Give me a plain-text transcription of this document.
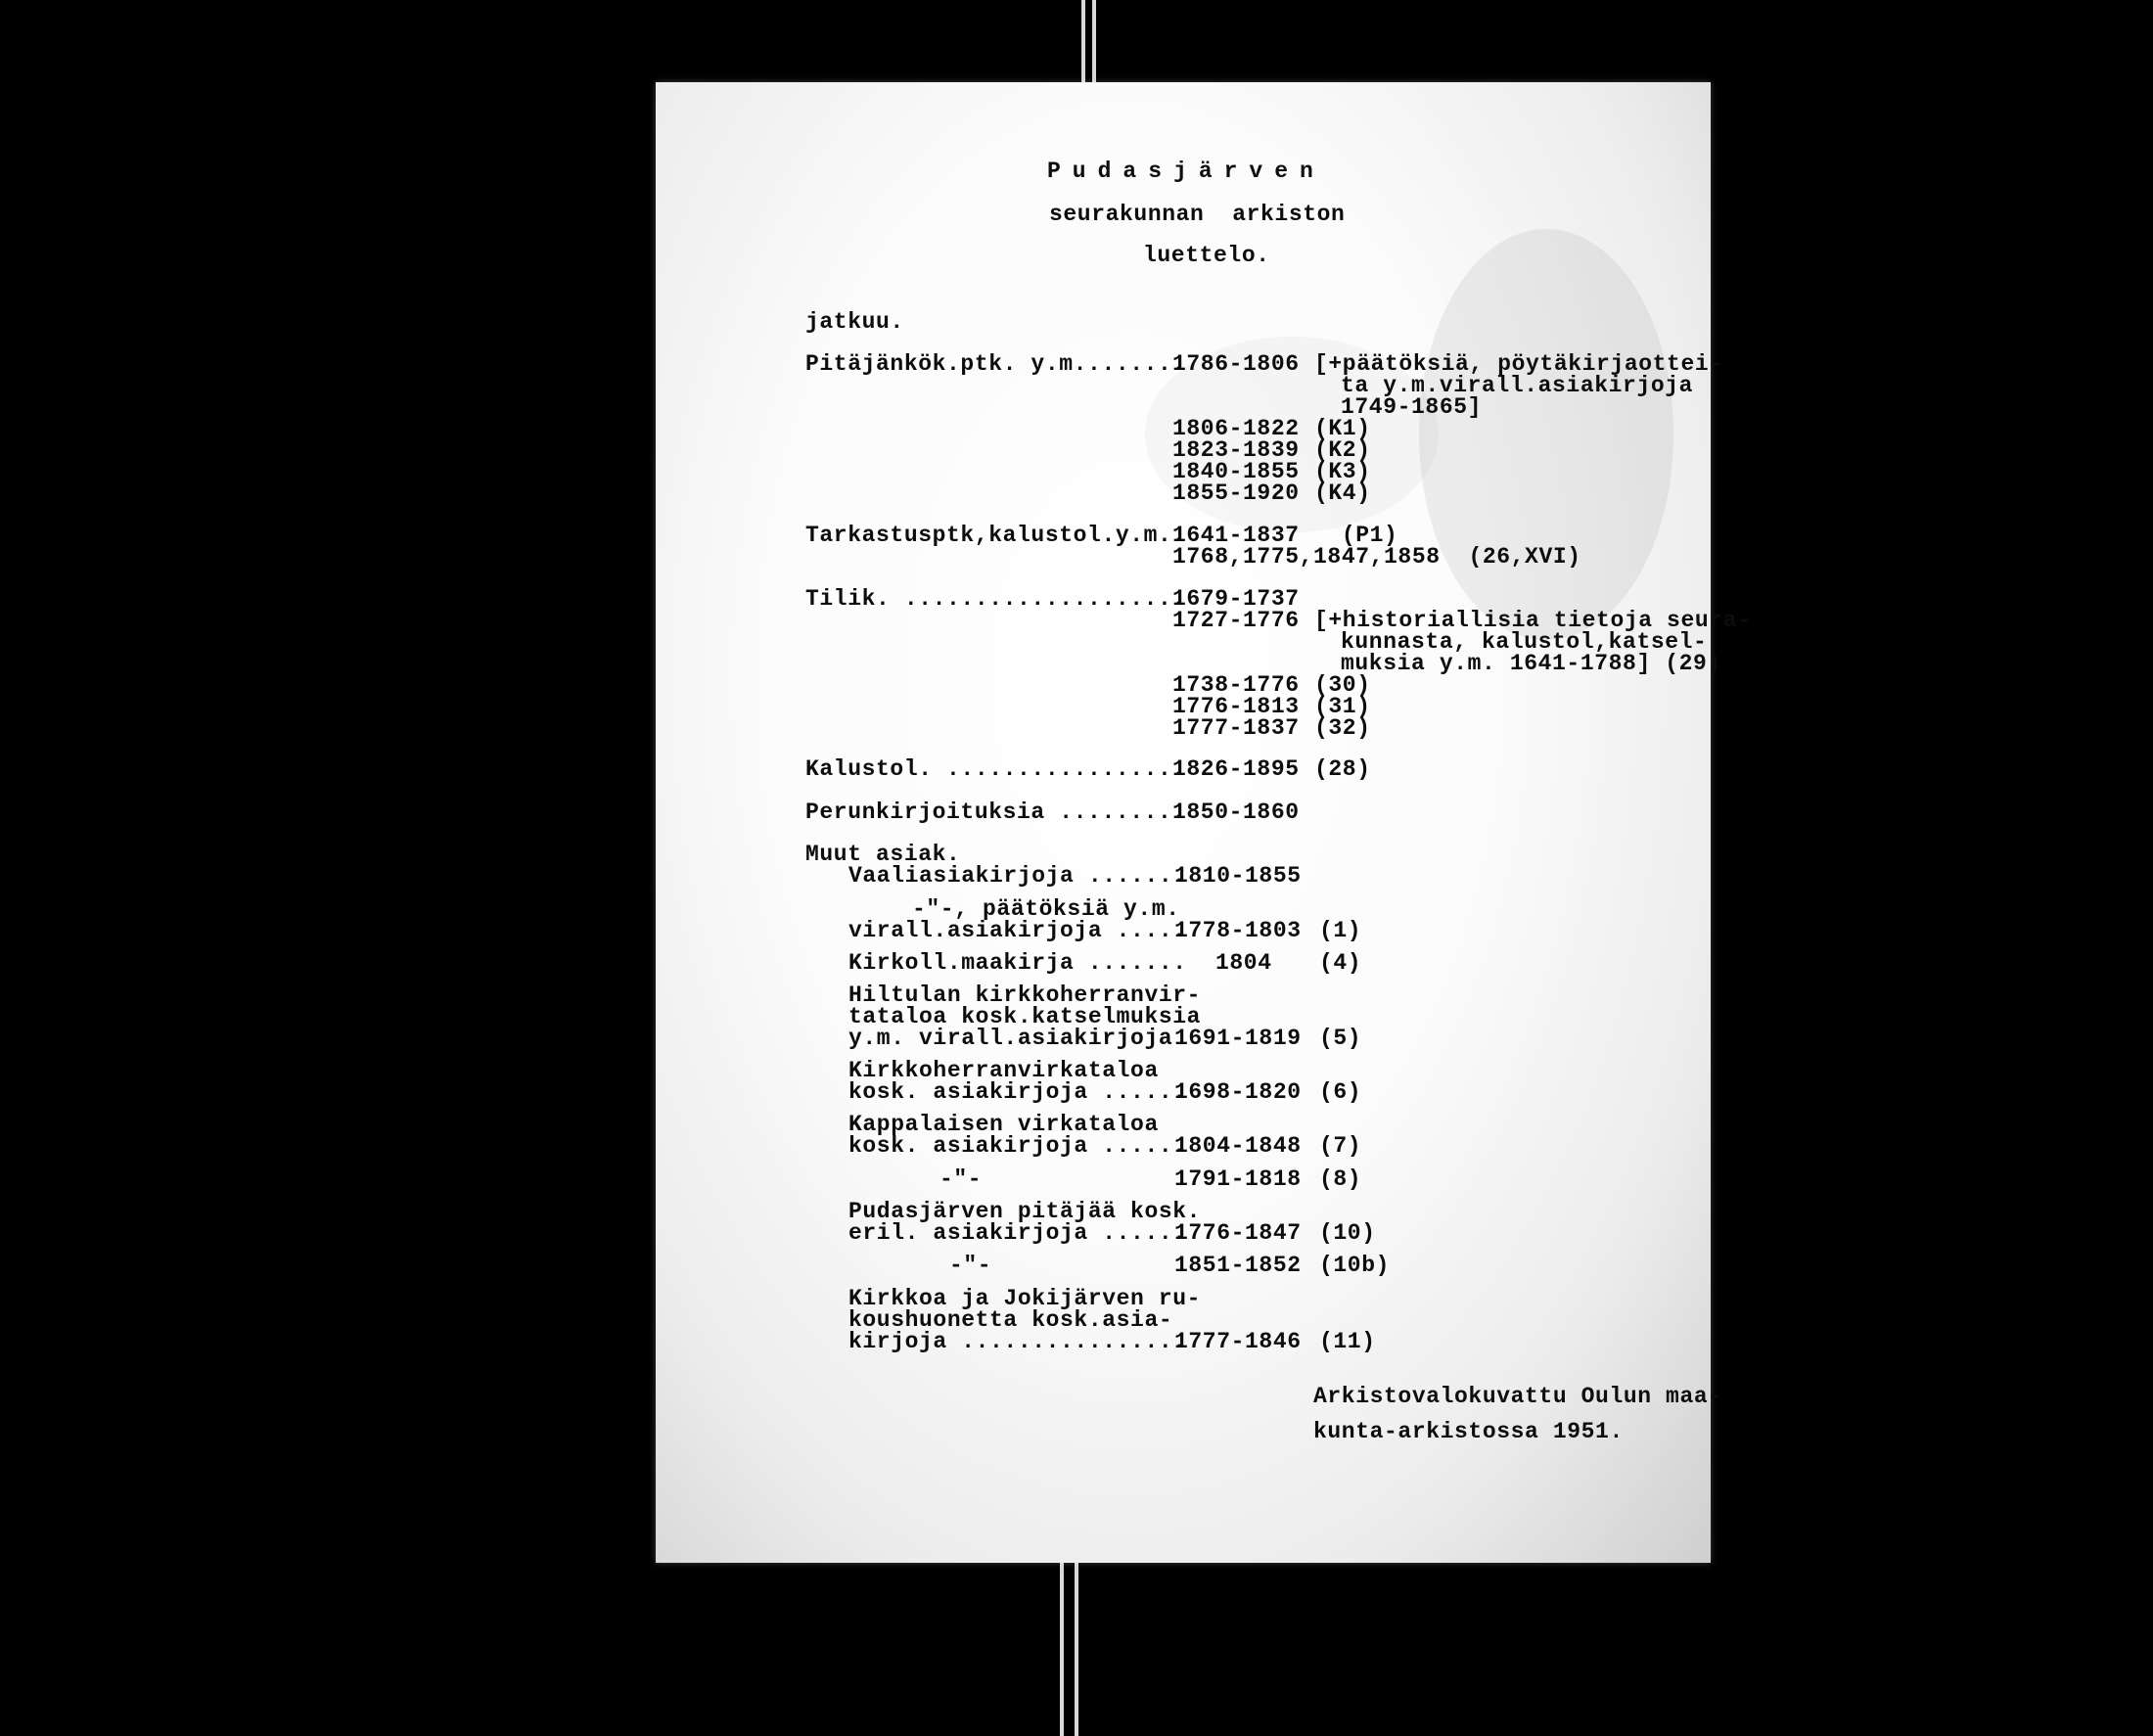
Pudasjärven
seurakunnan  arkiston
luettelo.
jatkuu.
Pitäjänkök.ptk. y.m........
1786-1806 [+päätöksiä, pöytäkirjaottei-
ta y.m.virall.asiakirjoja
1749-1865]
1806-1822 (K1)
1823-1839 (K2)
1840-1855 (K3)
1855-1920 (K4)
Tarkastusptk,kalustol.y.m..
1641-1837   (P1)
1768,1775,1847,1858  (26,XVI)
Tilik. ....................
1679-1737
1727-1776 [+historiallisia tietoja seura-
kunnasta, kalustol,katsel-
muksia y.m. 1641-1788] (29)
1738-1776 (30)
1776-1813 (31)
1777-1837 (32)
Kalustol. .................
1826-1895 (28)
Perunkirjoituksia .........
1850-1860
Muut asiak.
Vaaliasiakirjoja .......
1810-1855
-"-, päätöksiä y.m.
virall.asiakirjoja .....
1778-1803 (1)
Kirkoll.maakirja ....... 1804 (4)
Hiltulan kirkkoherranvir-
tataloa kosk.katselmuksia
y.m. virall.asiakirjoja 1691-1819 (5)
Kirkkoherranvirkataloa
kosk. asiakirjoja ......
1698-1820 (6)
Kappalaisen virkataloa
kosk. asiakirjoja ......
1804-1848 (7)
-"-	1791-1818 (8)
Pudasjärven pitäjää kosk.
eril. asiakirjoja ......
1776-1847 (10)
-"-	1851-1852 (10b)
Kirkkoa ja Jokijärven ru-
koushuonetta kosk.asia-
kirjoja ................
1777-1846 (11)
Arkistovalokuvattu Oulun maa-
kunta-arkistossa 1951.
